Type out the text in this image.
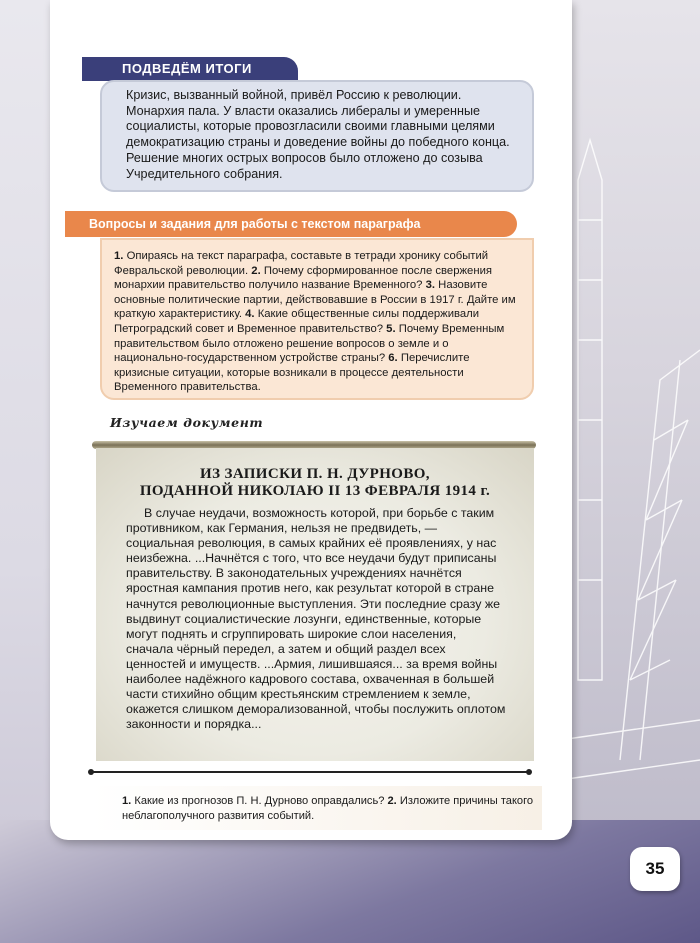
ПОДВЕДЁМ ИТОГИ

Кризис, вызванный войной, привёл Россию к революции. Монархия пала. У власти оказались либералы и умеренные социалисты, которые провозгласили своими главными целями демократизацию страны и доведение войны до победного конца. Решение многих острых вопросов было отложено до созыва Учредительного собрания.

Вопросы и задания для работы с текстом параграфа

1. Опираясь на текст параграфа, составьте в тетради хронику событий Февральской революции. 2. Почему сформированное после свержения монархии правительство получило название Временного? 3. Назовите основные политические партии, действовавшие в России в 1917 г. Дайте им краткую характеристику. 4. Какие общественные силы поддерживали Петроградский совет и Временное правительство? 5. Почему Временным правительством было отложено решение вопросов о земле и о национально-государственном устройстве страны? 6. Перечислите кризисные ситуации, которые возникали в процессе деятельности Временного правительства.

Изучаем документ
ИЗ ЗАПИСКИ П. Н. ДУРНОВО,
ПОДАННОЙ НИКОЛАЮ II 13 ФЕВРАЛЯ 1914 г.

В случае неудачи, возможность которой, при борьбе с таким противником, как Германия, нельзя не предвидеть, — социальная революция, в самых крайних её проявлениях, у нас неизбежна. ...Начнётся с того, что все неудачи будут приписаны правительству. В законодательных учреждениях начнётся яростная кампания против него, как результат которой в стране начнутся революционные выступления. Эти последние сразу же выдвинут социалистические лозунги, единственные, которые могут поднять и сгруппировать широкие слои населения, сначала чёрный передел, а затем и общий раздел всех ценностей и имуществ. ...Армия, лишившаяся... за время войны наиболее надёжного кадрового состава, охваченная в большей части стихийно общим крестьянским стремлением к земле, окажется слишком деморализованной, чтобы послужить оплотом законности и порядка...

1. Какие из прогнозов П. Н. Дурново оправдались? 2. Изложите причины такого неблагополучного развития событий.

35
